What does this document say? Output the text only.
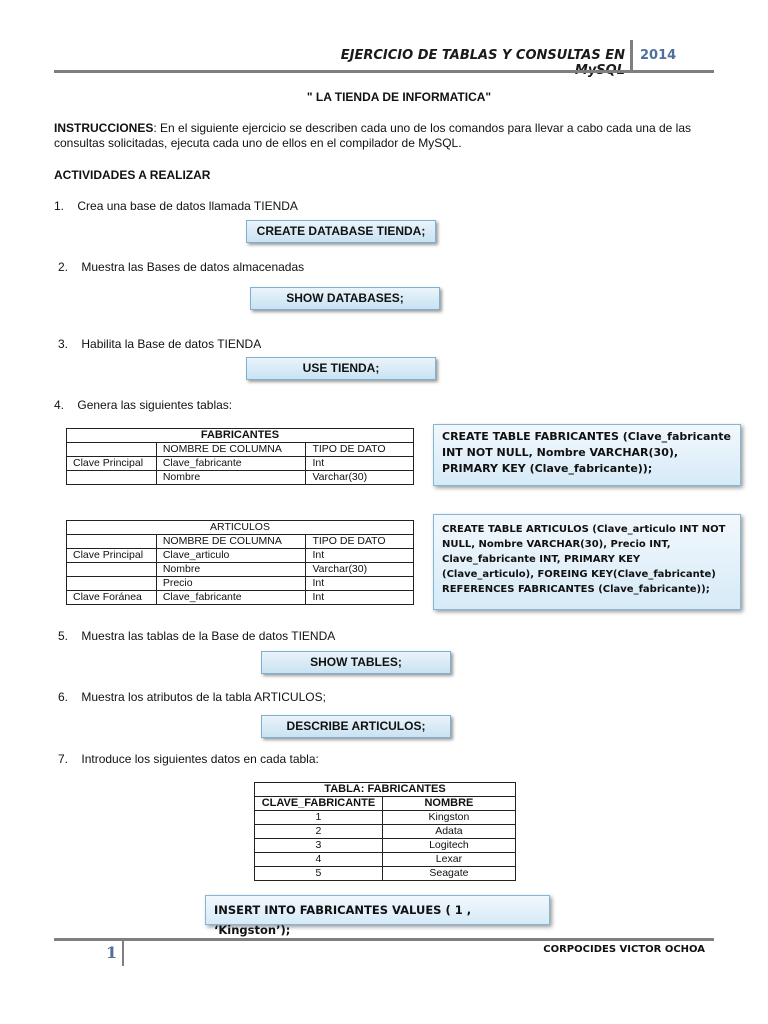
EJERCICIO DE TABLAS Y CONSULTAS EN 2014
" LA TIENDA DE INFORMATICA"
INSTRUCCIONES: En el siguiente ejercicio se describen cada uno de los comandos para llevar a cabo cada una de las consultas solicitadas, ejecuta cada uno de ellos en el compilador de MySQL.
ACTIVIDADES A REALIZAR
1. Crea una base de datos llamada TIENDA
CREATE DATABASE TIENDA;
2. Muestra las Bases de datos almacenadas
SHOW DATABASES;
3. Habilita la Base de datos TIENDA
USE TIENDA;
4. Genera las siguientes tablas:
FABRICANTES		
	NOMBRE DE COLUMNA	TIPO DE DATO
Clave Principal	Clave_fabricante	Int
	Nombre	Varchar(30)
CREATE TABLE FABRICANTES (Clave_fabricante INT NOT NULL, Nombre VARCHAR(30), PRIMARY KEY (Clave_fabricante));
ARTICULOS		
	NOMBRE DE COLUMNA	TIPO DE DATO
Clave Principal	Clave_articulo	Int
	Nombre	Varchar(30)
	Precio	Int
Clave Foránea	Clave_fabricante	Int
CREATE TABLE ARTICULOS (Clave_articulo INT NOT NULL, Nombre VARCHAR(30), Precio INT, Clave_fabricante INT, PRIMARY KEY (Clave_articulo), FOREING KEY(Clave_fabricante) REFERENCES FABRICANTES (Clave_fabricante));
5. Muestra las tablas de la Base de datos TIENDA
SHOW TABLES;
6. Muestra los atributos de la tabla ARTICULOS;
DESCRIBE ARTICULOS;
7. Introduce los siguientes datos en cada tabla:
TABLA: FABRICANTES	
CLAVE_FABRICANTE	NOMBRE
1	Kingston
2	Adata
3	Logitech
4	Lexar
5	Seagate
INSERT INTO FABRICANTES VALUES ( 1 , ‘Kingston’);
1	CORPOCIDES VICTOR OCHOA
